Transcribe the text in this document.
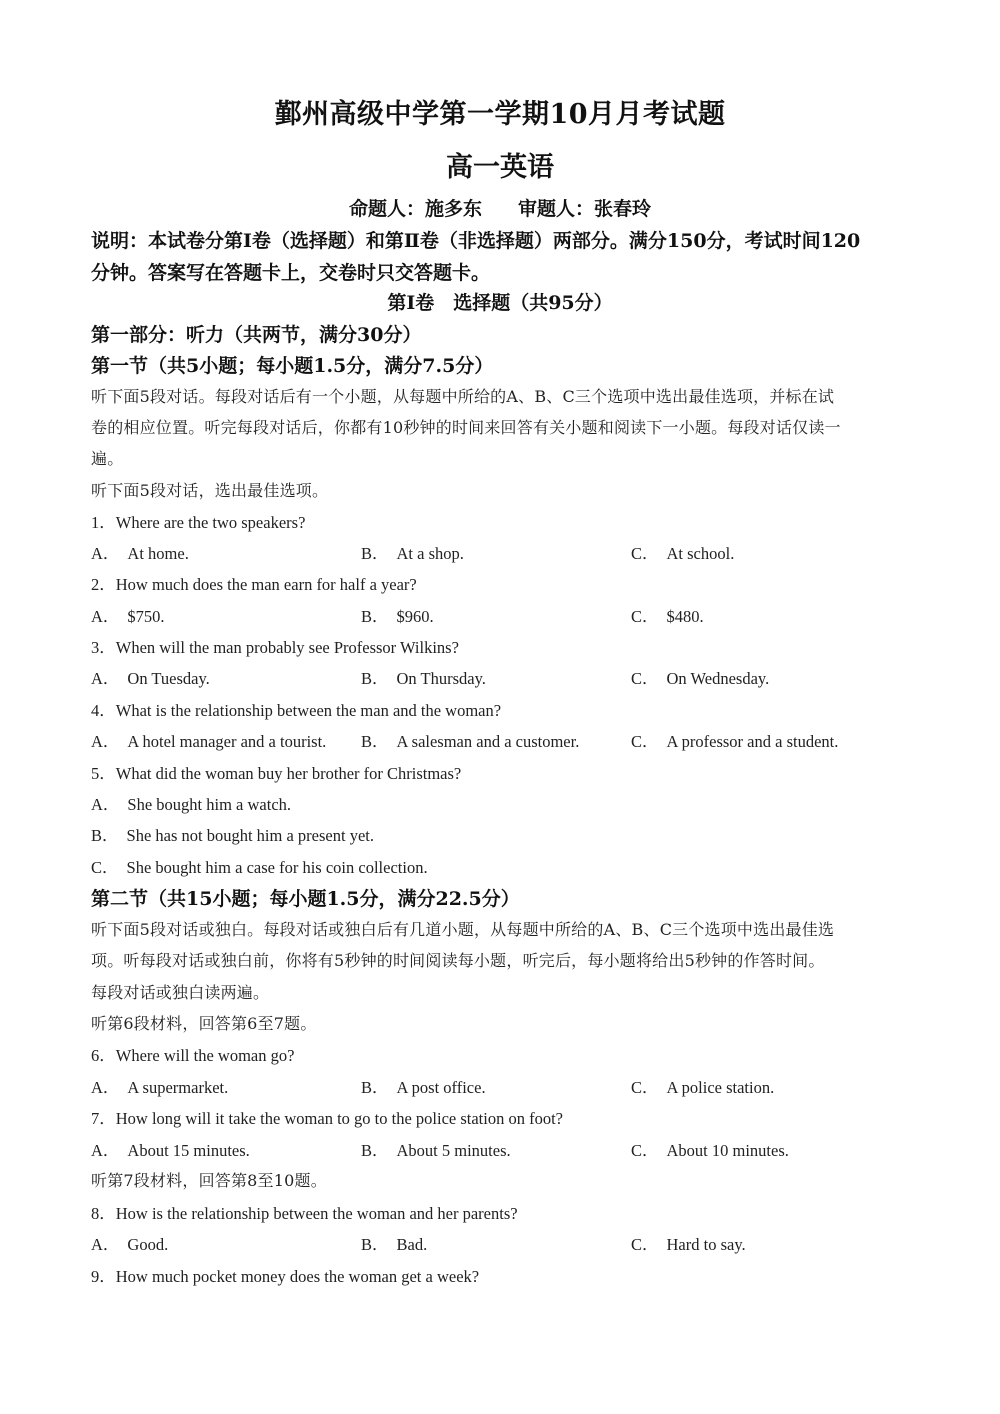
鄞州高级中学第一学期10月月考试题
高一英语
命题人：施多东 审题人：张春玲
说明：本试卷分第Ⅰ卷（选择题）和第Ⅱ卷（非选择题）两部分。满分150分，考试时间120
分钟。答案写在答题卡上，交卷时只交答题卡。
第Ⅰ卷　选择题（共95分）
第一部分：听力（共两节，满分30分）
第一节（共5小题；每小题1.5分，满分7.5分）
听下面5段对话。每段对话后有一个小题，从每题中所给的A、B、C三个选项中选出最佳选项，并标在试
卷的相应位置。听完每段对话后，你都有10秒钟的时间来回答有关小题和阅读下一小题。每段对话仅读一
遍。
听下面5段对话，选出最佳选项。
1．Where are the two speakers?
A． At home.	B． At a shop.	C． At school.
2．How much does the man earn for half a year?
A． $750.	B． $960.	C． $480.
3．When will the man probably see Professor Wilkins?
A． On Tuesday.	B． On Thursday.	C． On Wednesday.
4．What is the relationship between the man and the woman?
A． A hotel manager and a tourist. B． A salesman and a customer.	C． A professor and a student.
5．What did the woman buy her brother for Christmas?
A． She bought him a watch.
B． She has not bought him a present yet.
C． She bought him a case for his coin collection.
第二节（共15小题；每小题1.5分，满分22.5分）
听下面5段对话或独白。每段对话或独白后有几道小题，从每题中所给的A、B、C三个选项中选出最佳选
项。听每段对话或独白前，你将有5秒钟的时间阅读每小题，听完后，每小题将给出5秒钟的作答时间。
每段对话或独白读两遍。
听第6段材料，回答第6至7题。
6．Where will the woman go?
A． A supermarket.	B． A post office.	C． A police station.
7．How long will it take the woman to go to the police station on foot?
A． About 15 minutes.	B． About 5 minutes.	C． About 10 minutes.
听第7段材料，回答第8至10题。
8．How is the relationship between the woman and her parents?
A． Good.	B． Bad.	C． Hard to say.
9．How much pocket money does the woman get a week?
